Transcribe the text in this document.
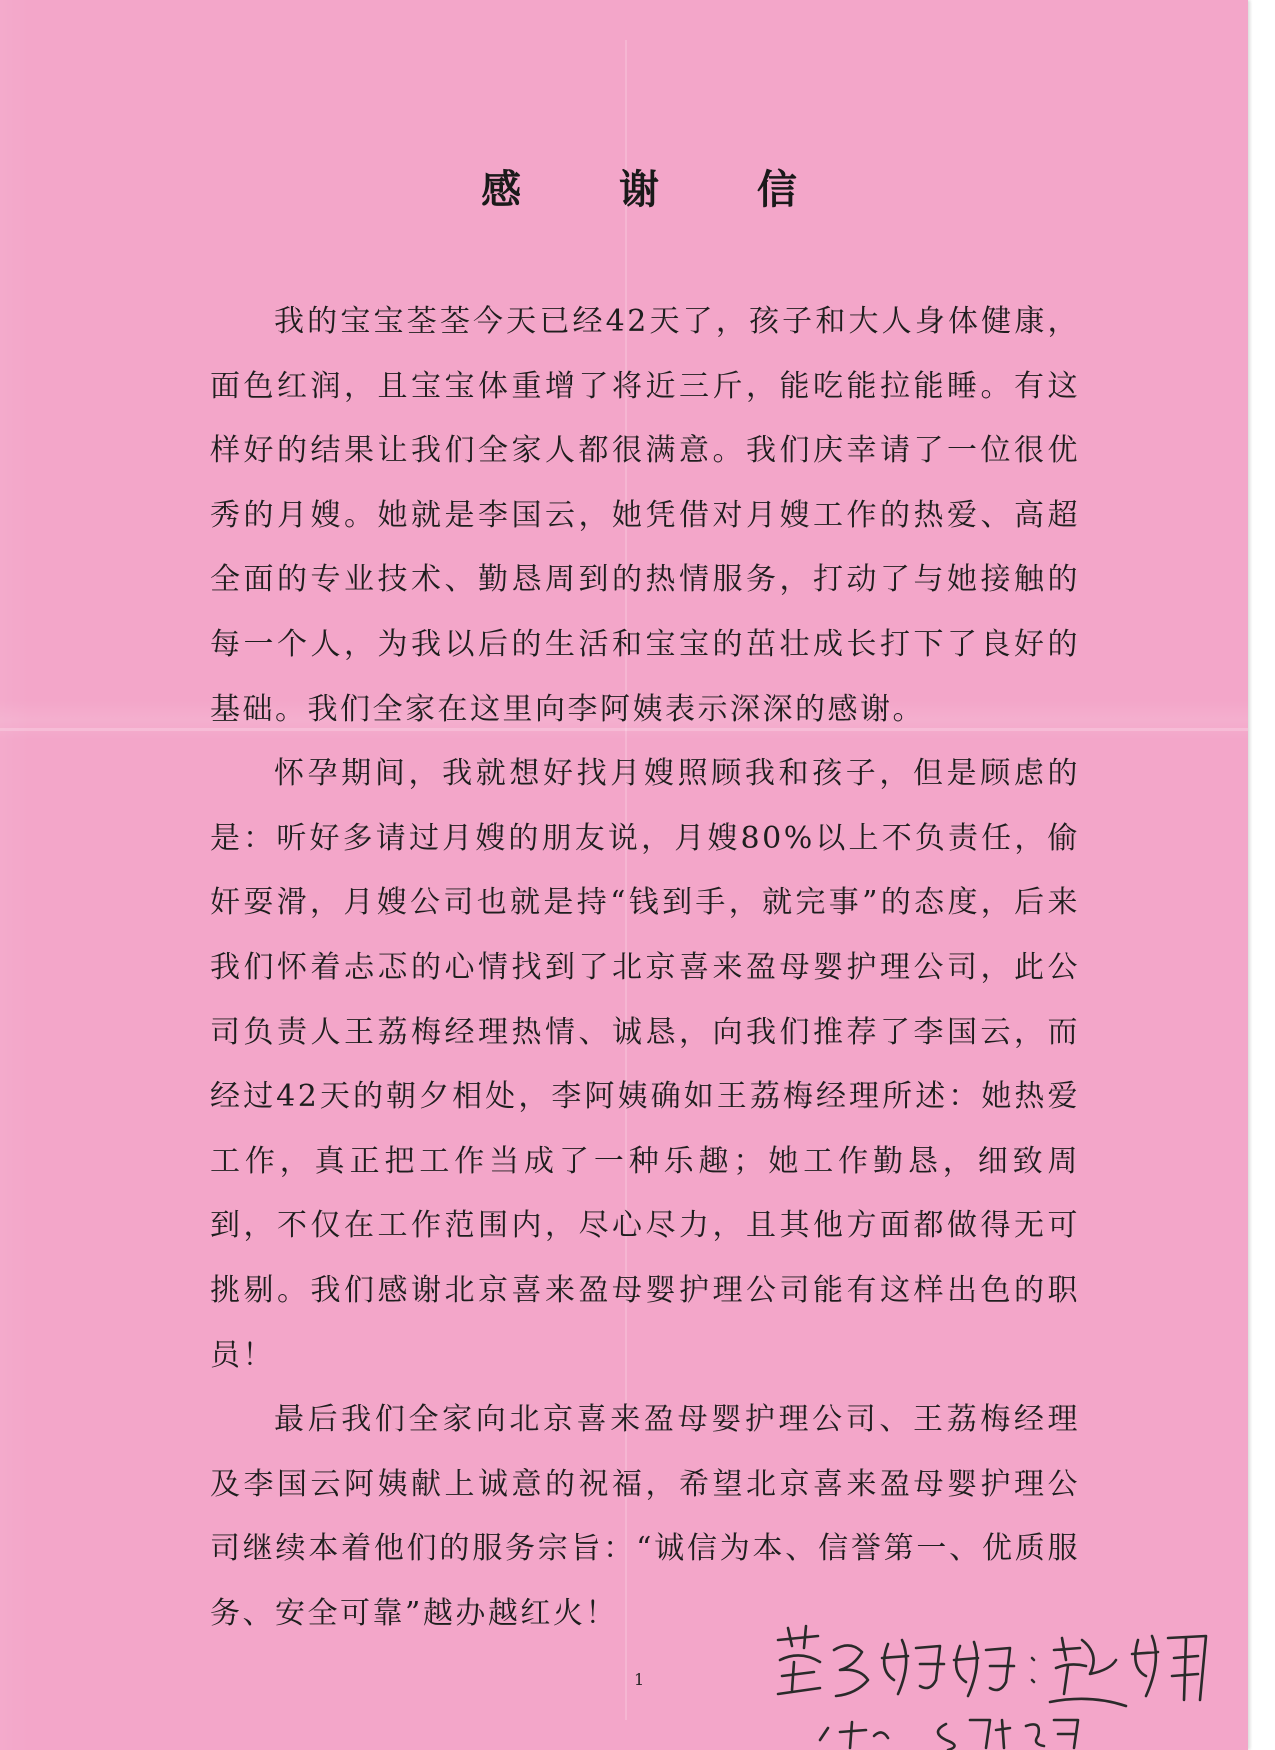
感 谢 信

我的宝宝荃荃今天已经42天了，孩子和大人身体健康，面色红润，且宝宝体重增了将近三斤，能吃能拉能睡。有这样好的结果让我们全家人都很满意。我们庆幸请了一位很优秀的月嫂。她就是李国云，她凭借对月嫂工作的热爱、高超全面的专业技术、勤恳周到的热情服务，打动了与她接触的每一个人，为我以后的生活和宝宝的茁壮成长打下了良好的基础。我们全家在这里向李阿姨表示深深的感谢。

怀孕期间，我就想好找月嫂照顾我和孩子，但是顾虑的是：听好多请过月嫂的朋友说，月嫂80%以上不负责任，偷奸耍滑，月嫂公司也就是持“钱到手，就完事”的态度，后来我们怀着忐忑的心情找到了北京喜来盈母婴护理公司，此公司负责人王荔梅经理热情、诚恳，向我们推荐了李国云，而经过42天的朝夕相处，李阿姨确如王荔梅经理所述：她热爱工作，真正把工作当成了一种乐趣；她工作勤恳，细致周到，不仅在工作范围内，尽心尽力，且其他方面都做得无可挑剔。我们感谢北京喜来盈母婴护理公司能有这样出色的职员！

最后我们全家向北京喜来盈母婴护理公司、王荔梅经理及李国云阿姨献上诚意的祝福，希望北京喜来盈母婴护理公司继续本着他们的服务宗旨：“诚信为本、信誉第一、优质服务、安全可靠”越办越红火！

1
